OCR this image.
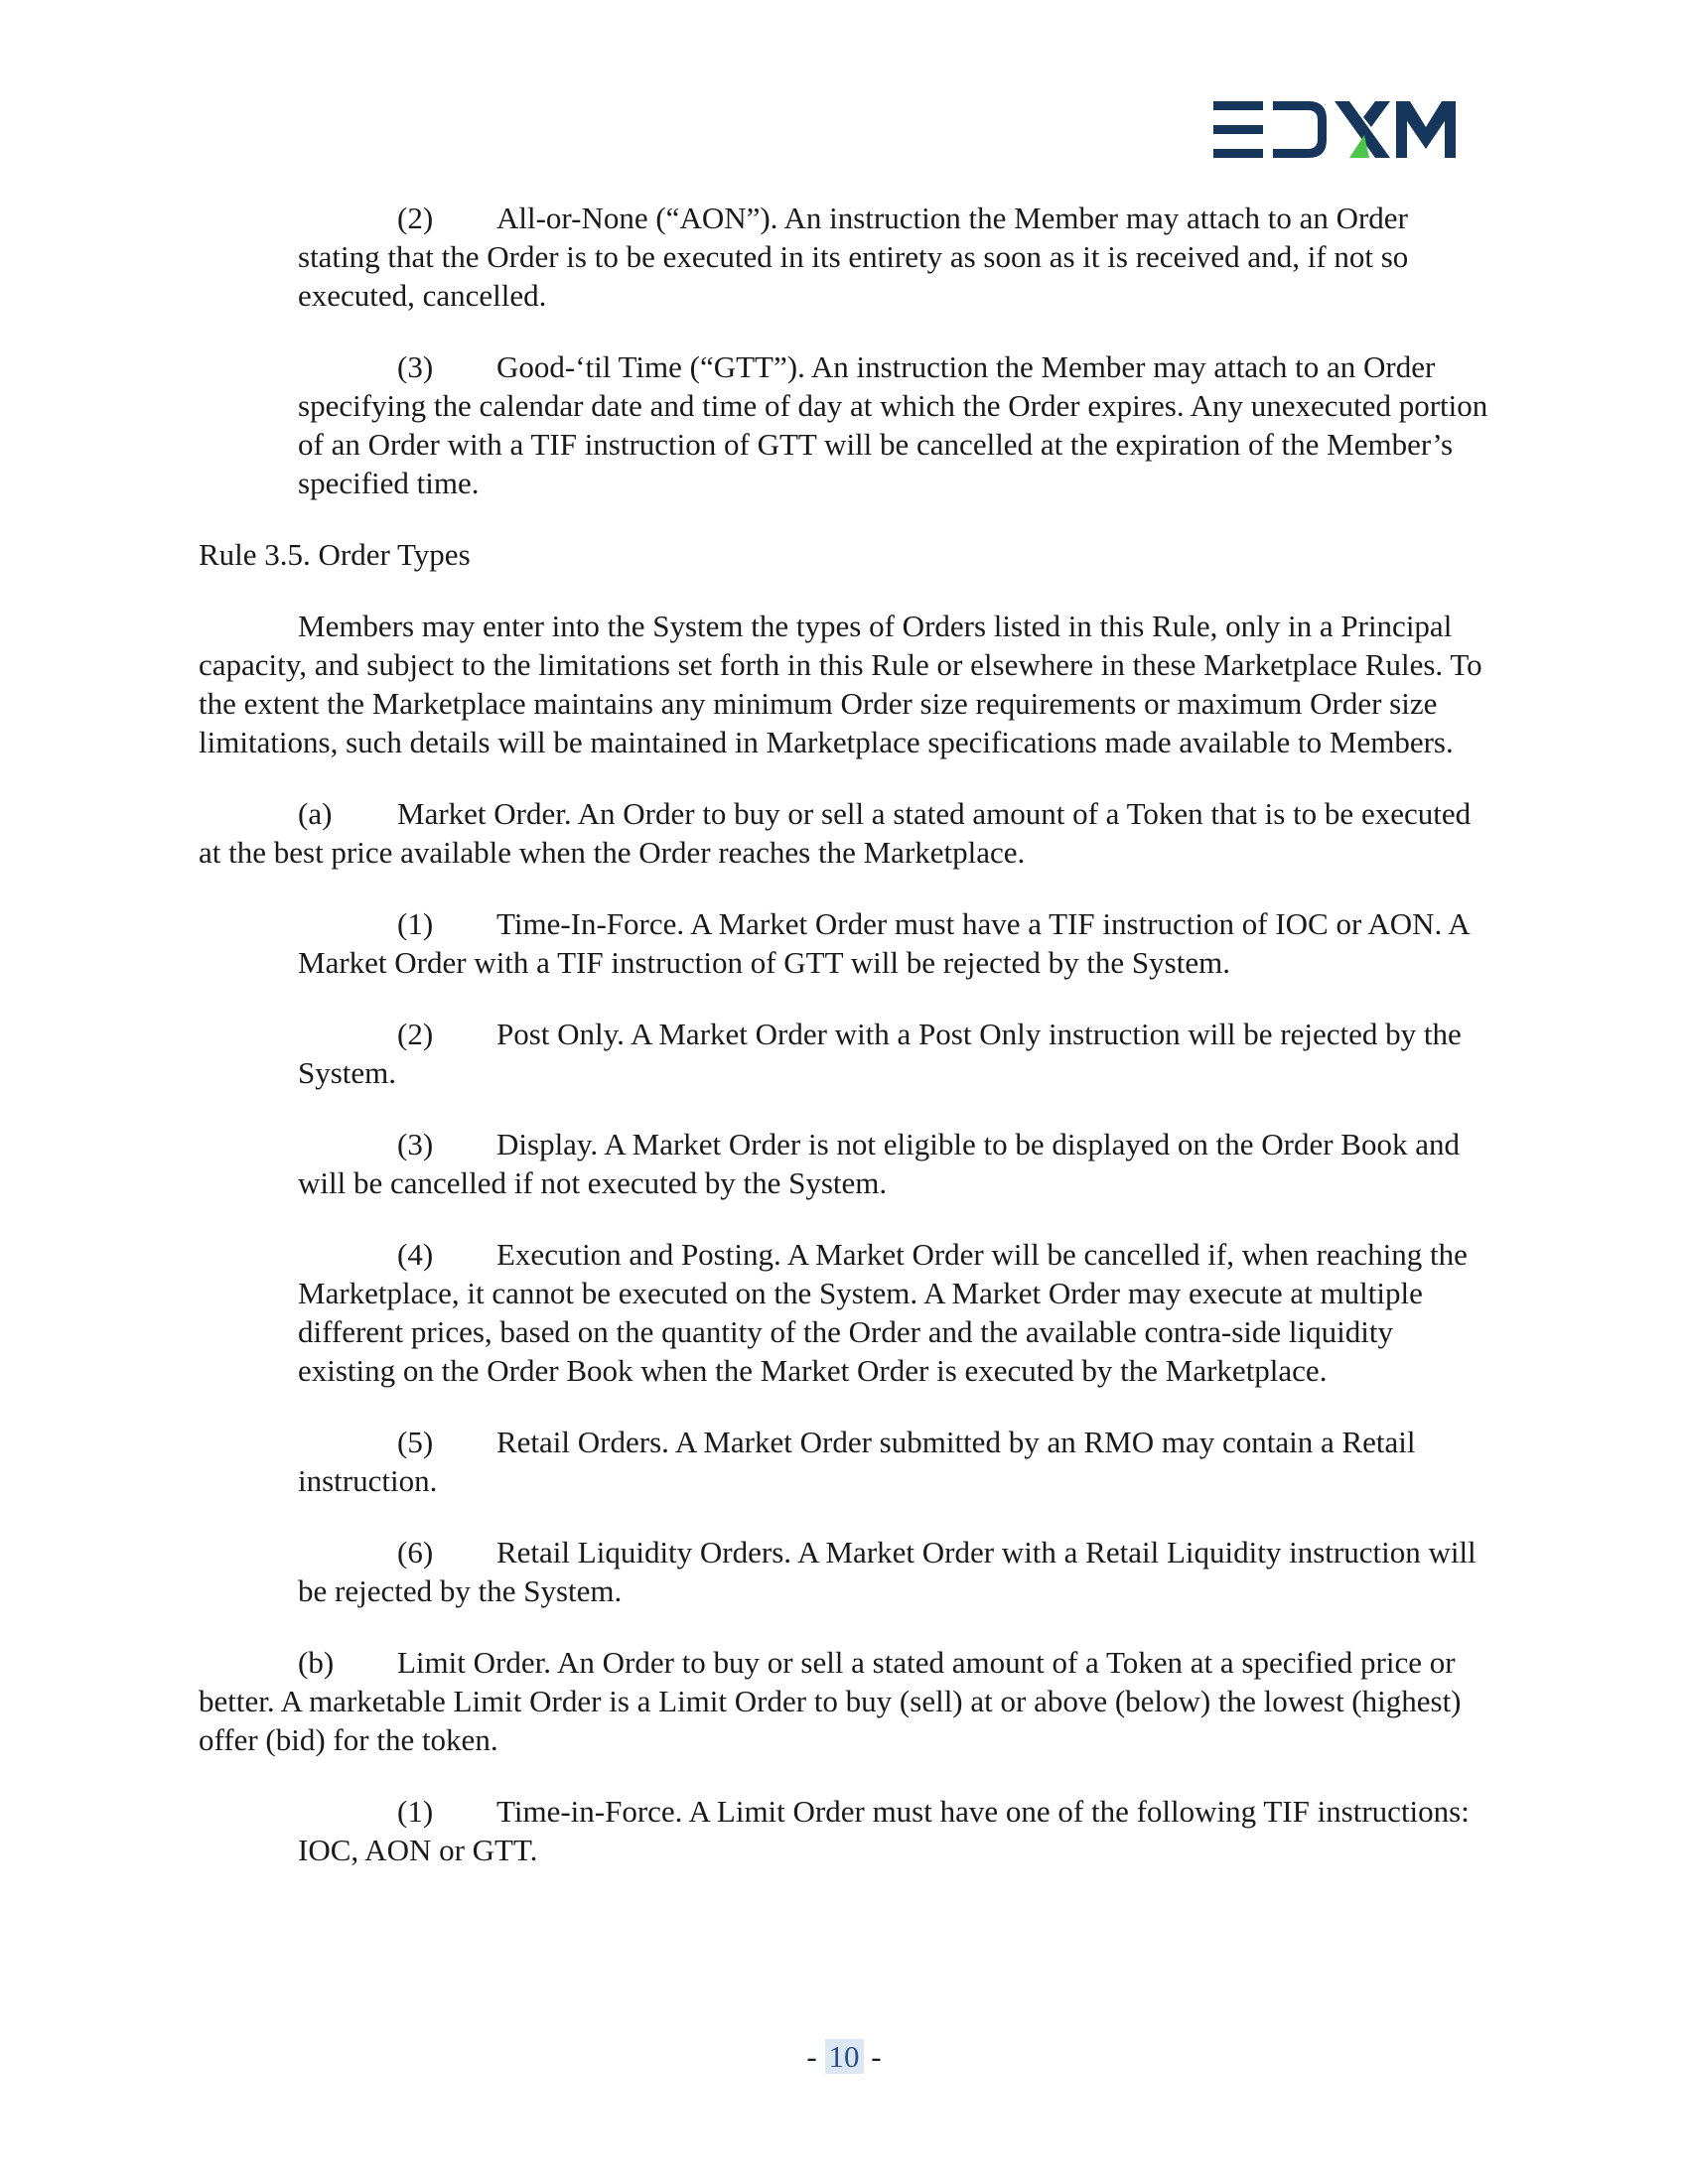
(2) All-or-None (“AON”). An instruction the Member may attach to an Order stating that the Order is to be executed in its entirety as soon as it is received and, if not so executed, cancelled.

(3) Good-‘til Time (“GTT”). An instruction the Member may attach to an Order specifying the calendar date and time of day at which the Order expires. Any unexecuted portion of an Order with a TIF instruction of GTT will be cancelled at the expiration of the Member’s specified time.

Rule 3.5. Order Types

Members may enter into the System the types of Orders listed in this Rule, only in a Principal capacity, and subject to the limitations set forth in this Rule or elsewhere in these Marketplace Rules. To the extent the Marketplace maintains any minimum Order size requirements or maximum Order size limitations, such details will be maintained in Marketplace specifications made available to Members.

(a) Market Order. An Order to buy or sell a stated amount of a Token that is to be executed at the best price available when the Order reaches the Marketplace.

(1) Time-In-Force. A Market Order must have a TIF instruction of IOC or AON. A Market Order with a TIF instruction of GTT will be rejected by the System.

(2) Post Only. A Market Order with a Post Only instruction will be rejected by the System.

(3) Display. A Market Order is not eligible to be displayed on the Order Book and will be cancelled if not executed by the System.

(4) Execution and Posting. A Market Order will be cancelled if, when reaching the Marketplace, it cannot be executed on the System. A Market Order may execute at multiple different prices, based on the quantity of the Order and the available contra-side liquidity existing on the Order Book when the Market Order is executed by the Marketplace.

(5) Retail Orders. A Market Order submitted by an RMO may contain a Retail instruction.

(6) Retail Liquidity Orders. A Market Order with a Retail Liquidity instruction will be rejected by the System.

(b) Limit Order. An Order to buy or sell a stated amount of a Token at a specified price or better. A marketable Limit Order is a Limit Order to buy (sell) at or above (below) the lowest (highest) offer (bid) for the token.

(1) Time-in-Force. A Limit Order must have one of the following TIF instructions: IOC, AON or GTT.

- 10 -
